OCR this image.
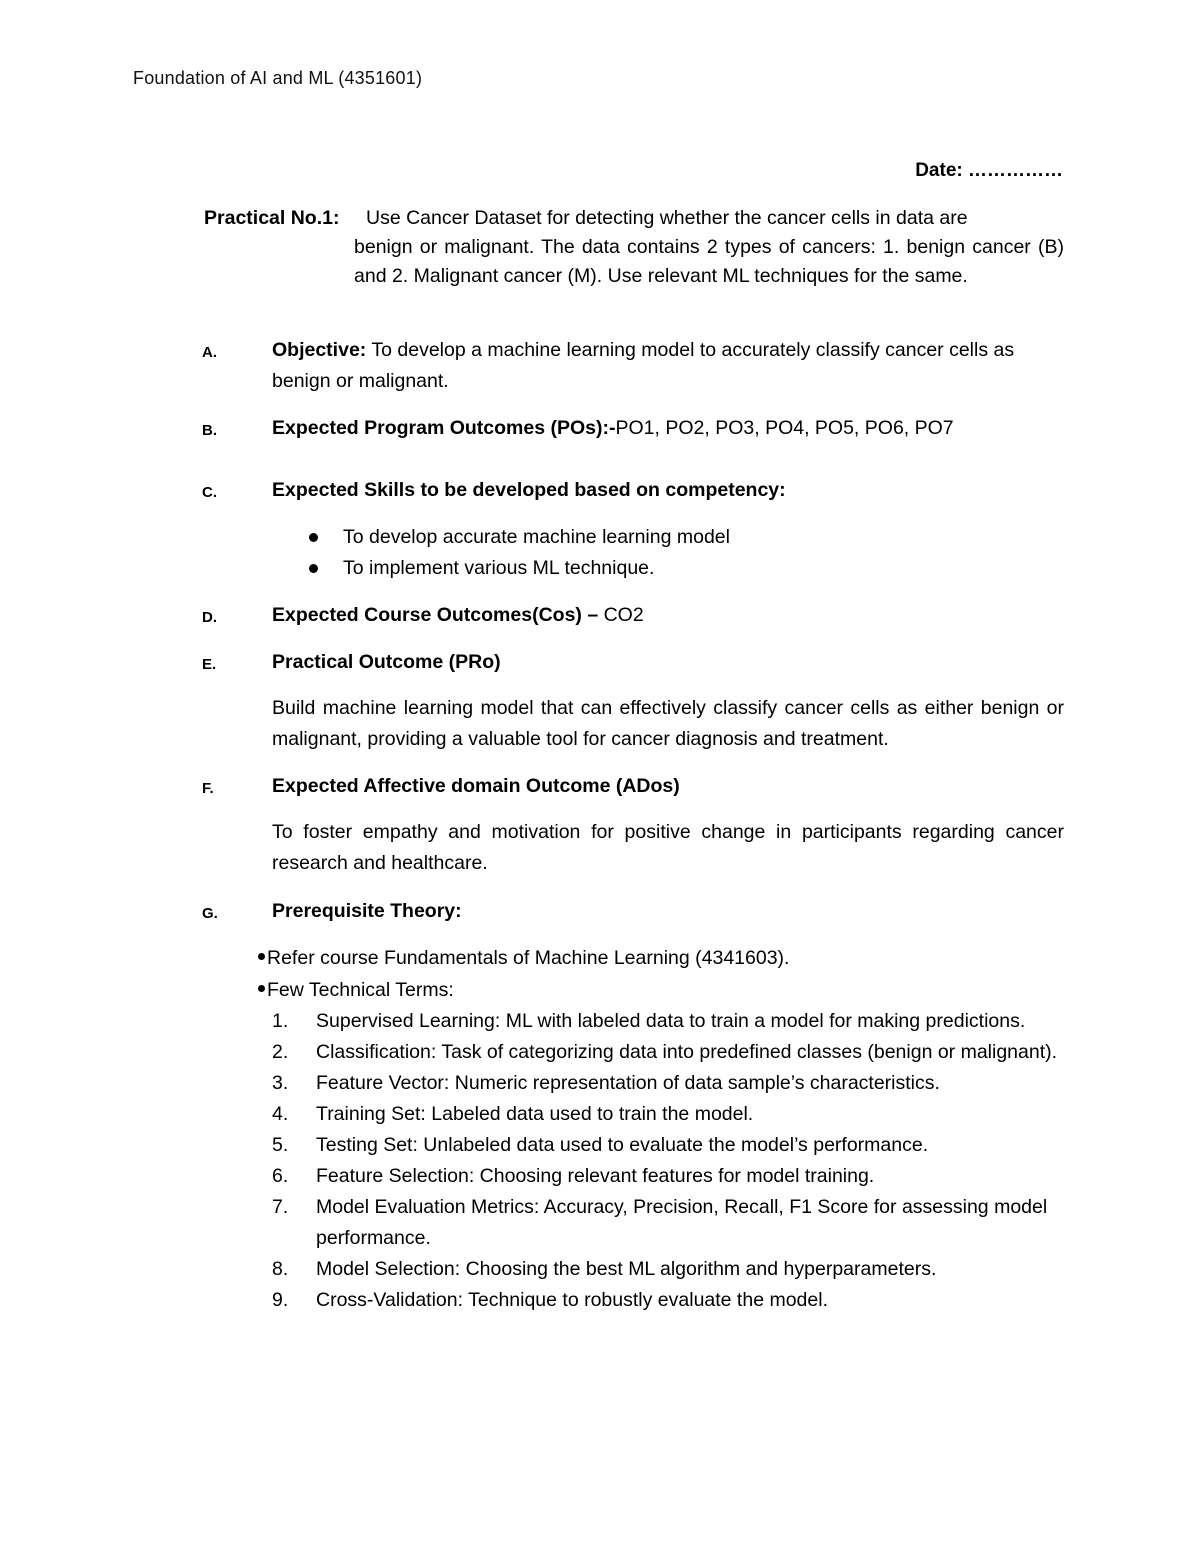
Foundation of AI and ML (4351601)
Date: ……………
Practical No.1:	Use Cancer Dataset for detecting whether the cancer cells in data are
benign or malignant. The data contains 2 types of cancers: 1. benign cancer (B) and 2. Malignant cancer (M). Use relevant ML techniques for the same.
A.	Objective: To develop a machine learning model to accurately classify cancer cells as benign or malignant.
B.	Expected Program Outcomes (POs):-PO1, PO2, PO3, PO4, PO5, PO6, PO7
C.	Expected Skills to be developed based on competency:
To develop accurate machine learning model
To implement various ML technique.
D.	Expected Course Outcomes(Cos) – CO2
E.	Practical Outcome (PRo)
Build machine learning model that can effectively classify cancer cells as either benign or malignant, providing a valuable tool for cancer diagnosis and treatment.
F.	Expected Affective domain Outcome (ADos)
To foster empathy and motivation for positive change in participants regarding cancer research and healthcare.
G.	Prerequisite Theory:
Refer course Fundamentals of Machine Learning (4341603).
Few Technical Terms:
1. Supervised Learning: ML with labeled data to train a model for making predictions.
2. Classification: Task of categorizing data into predefined classes (benign or malignant).
3. Feature Vector: Numeric representation of data sample’s characteristics.
4. Training Set: Labeled data used to train the model.
5. Testing Set: Unlabeled data used to evaluate the model’s performance.
6. Feature Selection: Choosing relevant features for model training.
7. Model Evaluation Metrics: Accuracy, Precision, Recall, F1 Score for assessing model performance.
8. Model Selection: Choosing the best ML algorithm and hyperparameters.
9. Cross-Validation: Technique to robustly evaluate the model.
